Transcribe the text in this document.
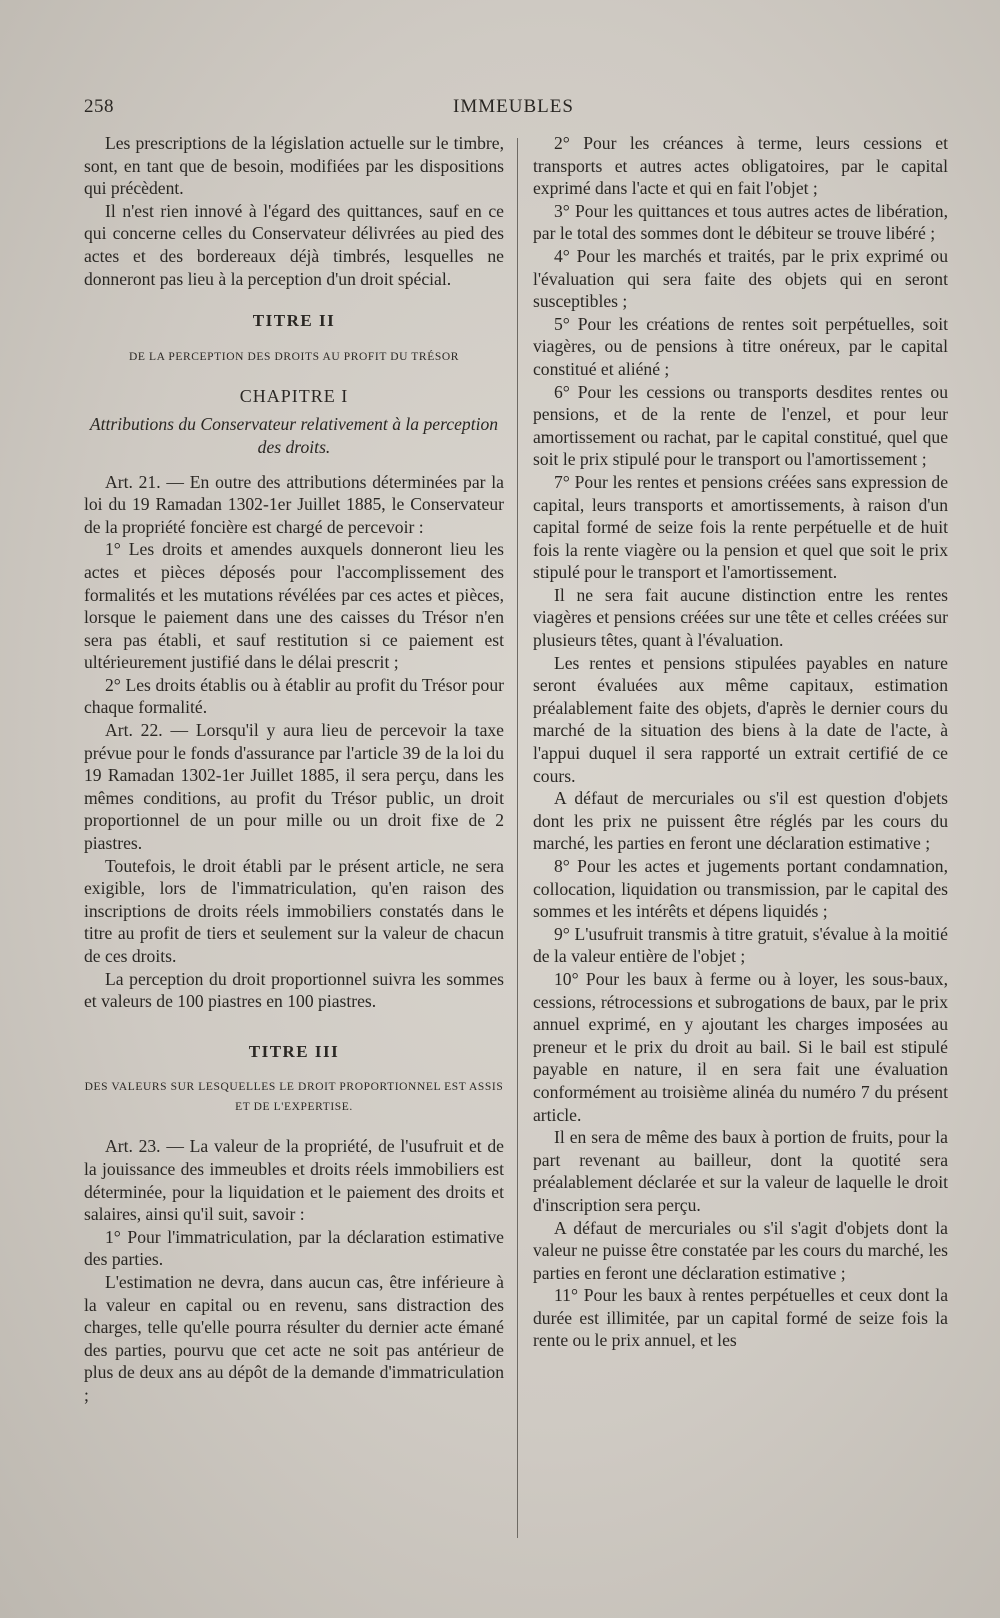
258	IMMEUBLES

Les prescriptions de la législation actuelle sur le timbre, sont, en tant que de besoin, modifiées par les dispositions qui précèdent.

Il n'est rien innové à l'égard des quittances, sauf en ce qui concerne celles du Conservateur délivrées au pied des actes et des bordereaux déjà timbrés, lesquelles ne donneront pas lieu à la perception d'un droit spécial.

TITRE II
DE LA PERCEPTION DES DROITS AU PROFIT DU TRÉSOR
CHAPITRE I
Attributions du Conservateur relativement à la perception des droits.

Art. 21. — En outre des attributions déterminées par la loi du 19 Ramadan 1302-1er Juillet 1885, le Conservateur de la propriété foncière est chargé de percevoir :

1° Les droits et amendes auxquels donneront lieu les actes et pièces déposés pour l'accomplissement des formalités et les mutations révélées par ces actes et pièces, lorsque le paiement dans une des caisses du Trésor n'en sera pas établi, et sauf restitution si ce paiement est ultérieurement justifié dans le délai prescrit ;

2° Les droits établis ou à établir au profit du Trésor pour chaque formalité.

Art. 22. — Lorsqu'il y aura lieu de percevoir la taxe prévue pour le fonds d'assurance par l'article 39 de la loi du 19 Ramadan 1302-1er Juillet 1885, il sera perçu, dans les mêmes conditions, au profit du Trésor public, un droit proportionnel de un pour mille ou un droit fixe de 2 piastres.

Toutefois, le droit établi par le présent article, ne sera exigible, lors de l'immatriculation, qu'en raison des inscriptions de droits réels immobiliers constatés dans le titre au profit de tiers et seulement sur la valeur de chacun de ces droits.

La perception du droit proportionnel suivra les sommes et valeurs de 100 piastres en 100 piastres.

TITRE III
DES VALEURS SUR LESQUELLES LE DROIT PROPORTIONNEL EST ASSIS ET DE L'EXPERTISE.

Art. 23. — La valeur de la propriété, de l'usufruit et de la jouissance des immeubles et droits réels immobiliers est déterminée, pour la liquidation et le paiement des droits et salaires, ainsi qu'il suit, savoir :

1° Pour l'immatriculation, par la déclaration estimative des parties.

L'estimation ne devra, dans aucun cas, être inférieure à la valeur en capital ou en revenu, sans distraction des charges, telle qu'elle pourra résulter du dernier acte émané des parties, pourvu que cet acte ne soit pas antérieur de plus de deux ans au dépôt de la demande d'immatriculation ;

2° Pour les créances à terme, leurs cessions et transports et autres actes obligatoires, par le capital exprimé dans l'acte et qui en fait l'objet ;

3° Pour les quittances et tous autres actes de libération, par le total des sommes dont le débiteur se trouve libéré ;

4° Pour les marchés et traités, par le prix exprimé ou l'évaluation qui sera faite des objets qui en seront susceptibles ;

5° Pour les créations de rentes soit perpétuelles, soit viagères, ou de pensions à titre onéreux, par le capital constitué et aliéné ;

6° Pour les cessions ou transports desdites rentes ou pensions, et de la rente de l'enzel, et pour leur amortissement ou rachat, par le capital constitué, quel que soit le prix stipulé pour le transport ou l'amortissement ;

7° Pour les rentes et pensions créées sans expression de capital, leurs transports et amortissements, à raison d'un capital formé de seize fois la rente perpétuelle et de huit fois la rente viagère ou la pension et quel que soit le prix stipulé pour le transport et l'amortissement.

Il ne sera fait aucune distinction entre les rentes viagères et pensions créées sur une tête et celles créées sur plusieurs têtes, quant à l'évaluation.

Les rentes et pensions stipulées payables en nature seront évaluées aux même capitaux, estimation préalablement faite des objets, d'après le dernier cours du marché de la situation des biens à la date de l'acte, à l'appui duquel il sera rapporté un extrait certifié de ce cours.

A défaut de mercuriales ou s'il est question d'objets dont les prix ne puissent être réglés par les cours du marché, les parties en feront une déclaration estimative ;

8° Pour les actes et jugements portant condamnation, collocation, liquidation ou transmission, par le capital des sommes et les intérêts et dépens liquidés ;

9° L'usufruit transmis à titre gratuit, s'évalue à la moitié de la valeur entière de l'objet ;

10° Pour les baux à ferme ou à loyer, les sous-baux, cessions, rétrocessions et subrogations de baux, par le prix annuel exprimé, en y ajoutant les charges imposées au preneur et le prix du droit au bail. Si le bail est stipulé payable en nature, il en sera fait une évaluation conformément au troisième alinéa du numéro 7 du présent article.

Il en sera de même des baux à portion de fruits, pour la part revenant au bailleur, dont la quotité sera préalablement déclarée et sur la valeur de laquelle le droit d'inscription sera perçu.

A défaut de mercuriales ou s'il s'agit d'objets dont la valeur ne puisse être constatée par les cours du marché, les parties en feront une déclaration estimative ;

11° Pour les baux à rentes perpétuelles et ceux dont la durée est illimitée, par un capital formé de seize fois la rente ou le prix annuel, et les
